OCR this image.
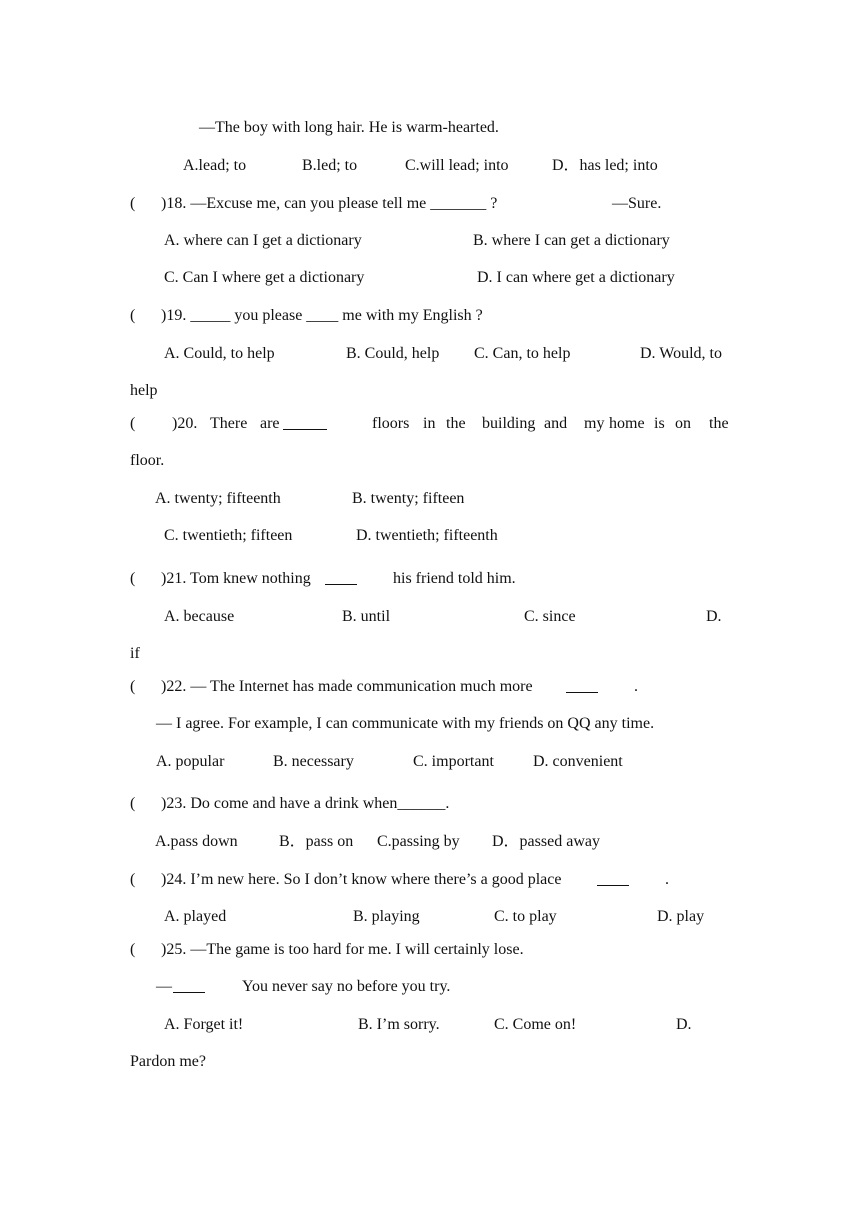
—The boy with long hair. He is warm-hearted.
A.lead; to	B.led; to	C.will lead; into	D．has led; into
( )18. —Excuse me, can you please tell me _______ ?	—Sure.
A. where can I get a dictionary	B. where I can get a dictionary
C. Can I where get a dictionary	D. I can where get a dictionary
( )19. _____ you please ____ me with my English ?
A. Could, to help	B. Could, help C. Can, to help	D. Would, to
help
( )20. There are
	floors in the building and my home is on the
floor.
A. twenty; fifteenth	B. twenty; fifteen
C. twentieth; fifteen	D. twentieth; fifteenth
( )21. Tom knew nothing
	his friend told him.
A. because	B. until	C. since	D.
if
( )22. — The Internet has made communication much more
	.
— I agree. For example, I can communicate with my friends on QQ any time.
A. popular	B. necessary	C. important D. convenient
( )23. Do come and have a drink when______.
A.pass down	B．pass on C.passing by D．passed away
( )24. I’m new here. So I don’t know where there’s a good place
	.
A. played	B. playing	C. to play	D. play
( )25. —The game is too hard for me. I will certainly lose.
—
	You never say no before you try.
A. Forget it!	B. I’m sorry.	C. Come on!	D.
Pardon me?
